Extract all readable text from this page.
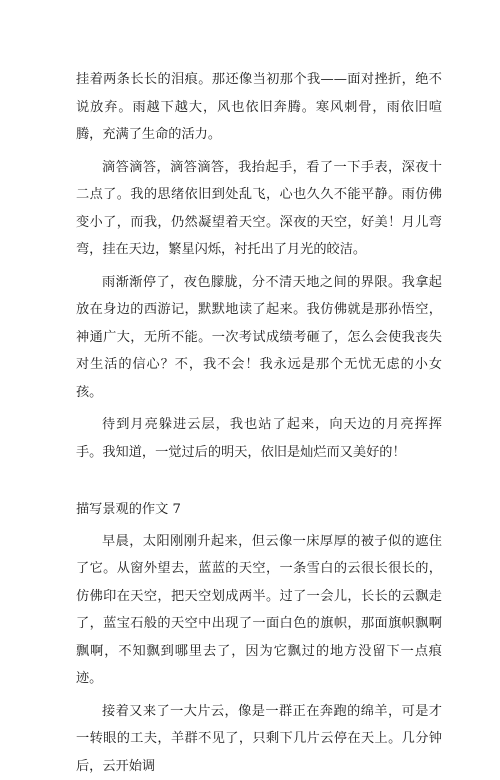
挂着两条长长的泪痕。那还像当初那个我——面对挫折，绝不说放弃。雨越下越大，风也依旧奔腾。寒风刺骨，雨依旧喧腾，充满了生命的活力。

滴答滴答，滴答滴答，我抬起手，看了一下手表，深夜十二点了。我的思绪依旧到处乱飞，心也久久不能平静。雨仿佛变小了，而我，仍然凝望着天空。深夜的天空，好美！月儿弯弯，挂在天边，繁星闪烁，衬托出了月光的皎洁。

雨渐渐停了，夜色朦胧，分不清天地之间的界限。我拿起放在身边的西游记，默默地读了起来。我仿佛就是那孙悟空，神通广大，无所不能。一次考试成绩考砸了，怎么会使我丧失对生活的信心？不，我不会！我永远是那个无忧无虑的小女孩。

待到月亮躲进云层，我也站了起来，向天边的月亮挥挥手。我知道，一觉过后的明天，依旧是灿烂而又美好的！

描写景观的作文 7

早晨，太阳刚刚升起来，但云像一床厚厚的被子似的遮住了它。从窗外望去，蓝蓝的天空，一条雪白的云很长很长的，仿佛印在天空，把天空划成两半。过了一会儿，长长的云飘走了，蓝宝石般的天空中出现了一面白色的旗帜，那面旗帜飘啊飘啊，不知飘到哪里去了，因为它飘过的地方没留下一点痕迹。

接着又来了一大片云，像是一群正在奔跑的绵羊，可是才一转眼的工夫，羊群不见了，只剩下几片云停在天上。几分钟后，云开始调
